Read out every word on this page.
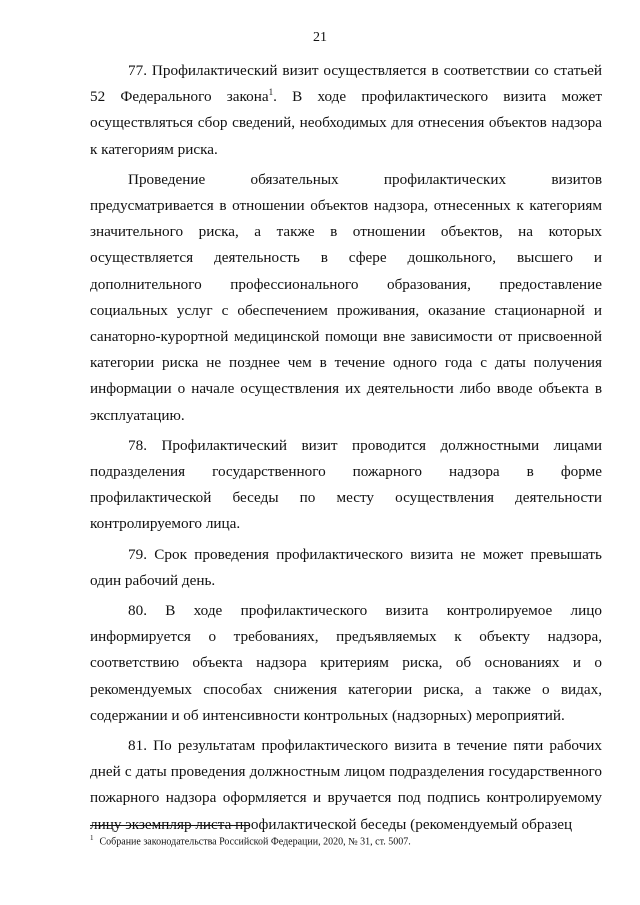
21

77. Профилактический визит осуществляется в соответствии со статьей 52 Федерального закона$^1$. В ходе профилактического визита может осуществляться сбор сведений, необходимых для отнесения объектов надзора к категориям риска.

Проведение обязательных профилактических визитов предусматривается в отношении объектов надзора, отнесенных к категориям значительного риска, а также в отношении объектов, на которых осуществляется деятельность в сфере дошкольного, высшего и дополнительного профессионального образования, предоставление социальных услуг с обеспечением проживания, оказание стационарной и санаторно-курортной медицинской помощи вне зависимости от присвоенной категории риска не позднее чем в течение одного года с даты получения информации о начале осуществления их деятельности либо вводе объекта в эксплуатацию.

78. Профилактический визит проводится должностными лицами подразделения государственного пожарного надзора в форме профилактической беседы по месту осуществления деятельности контролируемого лица.

79. Срок проведения профилактического визита не может превышать один рабочий день.

80. В ходе профилактического визита контролируемое лицо информируется о требованиях, предъявляемых к объекту надзора, соответствию объекта надзора критериям риска, об основаниях и о рекомендуемых способах снижения категории риска, а также о видах, содержании и об интенсивности контрольных (надзорных) мероприятий.

81. По результатам профилактического визита в течение пяти рабочих дней с даты проведения должностным лицом подразделения государственного пожарного надзора оформляется и вручается под подпись контролируемому лицу экземпляр листа профилактической беседы (рекомендуемый образец

$^1$ Собрание законодательства Российской Федерации, 2020, № 31, ст. 5007.
